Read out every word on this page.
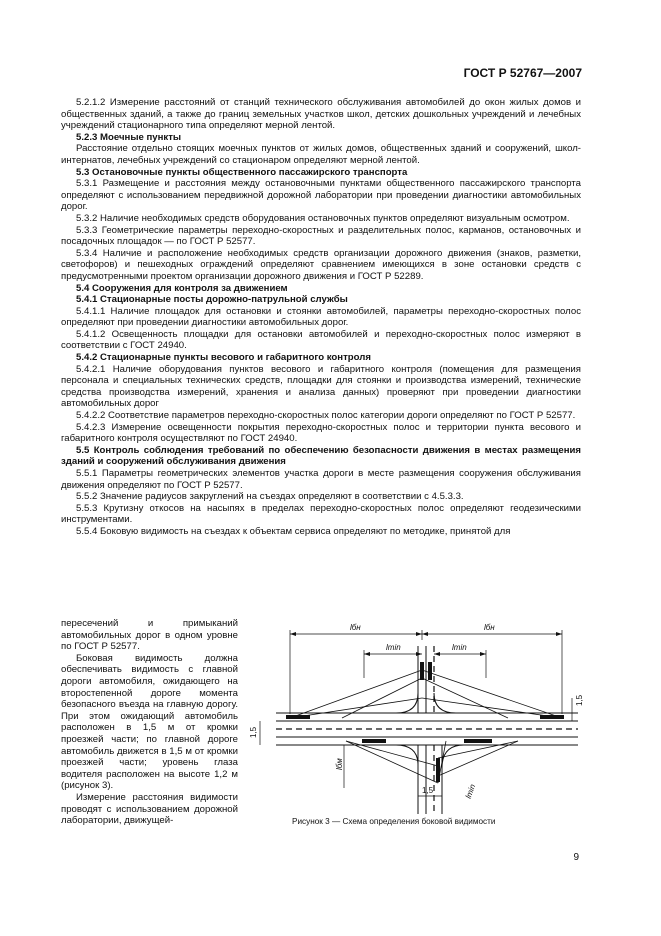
ГОСТ Р 52767—2007

5.2.1.2 Измерение расстояний от станций технического обслуживания автомобилей до окон жилых домов и общественных зданий, а также до границ земельных участков школ, детских дошкольных учреждений и лечебных учреждений стационарного типа определяют мерной лентой.

5.2.3 Моечные пункты

Расстояние отдельно стоящих моечных пунктов от жилых домов, общественных зданий и сооружений, школ-интернатов, лечебных учреждений со стационаром определяют мерной лентой.

5.3 Остановочные пункты общественного пассажирского транспорта

5.3.1 Размещение и расстояния между остановочными пунктами общественного пассажирского транспорта определяют с использованием передвижной дорожной лаборатории при проведении диагностики автомобильных дорог.

5.3.2 Наличие необходимых средств оборудования остановочных пунктов определяют визуальным осмотром.

5.3.3 Геометрические параметры переходно-скоростных и разделительных полос, карманов, остановочных и посадочных площадок — по ГОСТ Р 52577.

5.3.4 Наличие и расположение необходимых средств организации дорожного движения (знаков, разметки, светофоров) и пешеходных ограждений определяют сравнением имеющихся в зоне остановки средств с предусмотренными проектом организации дорожного движения и ГОСТ Р 52289.

5.4 Сооружения для контроля за движением

5.4.1 Стационарные посты дорожно-патрульной службы

5.4.1.1 Наличие площадок для остановки и стоянки автомобилей, параметры переходно-скоростных полос определяют при проведении диагностики автомобильных дорог.

5.4.1.2 Освещенность площадки для остановки автомобилей и переходно-скоростных полос измеряют в соответствии с ГОСТ 24940.

5.4.2 Стационарные пункты весового и габаритного контроля

5.4.2.1 Наличие оборудования пунктов весового и габаритного контроля (помещения для размещения персонала и специальных технических средств, площадки для стоянки и производства измерений, технические средства производства измерений, хранения и анализа данных) проверяют при проведении диагностики автомобильных дорог

5.4.2.2 Соответствие параметров переходно-скоростных полос категории дороги определяют по ГОСТ Р 52577.

5.4.2.3 Измерение освещенности покрытия переходно-скоростных полос и территории пункта весового и габаритного контроля осуществляют по ГОСТ 24940.

5.5 Контроль соблюдения требований по обеспечению безопасности движения в местах размещения зданий и сооружений обслуживания движения

5.5.1 Параметры геометрических элементов участка дороги в месте размещения сооружения обслуживания движения определяют по ГОСТ Р 52577.

5.5.2 Значение радиусов закруглений на съездах определяют в соответствии с 4.5.3.3.

5.5.3 Крутизну откосов на насыпях в пределах переходно-скоростных полос определяют геодезическими инструментами.

5.5.4 Боковую видимость на съездах к объектам сервиса определяют по методике, принятой для

пересечений и примыканий автомобильных дорог в одном уровне по ГОСТ Р 52577.

Боковая видимость должна обеспечивать видимость с главной дороги автомобиля, ожидающего на второстепенной дороге момента безопасного въезда на главную дорогу. При этом ожидающий автомобиль расположен в 1,5 м от кромки проезжей части; по главной дороге автомобиль движется в 1,5 м от кромки проезжей части; уровень глаза водителя расположен на высоте 1,2 м (рисунок 3).

Измерение расстояния видимости проводят с использованием дорожной лаборатории, движущей-

lбн	lбн
lmin	lmin
lбм
lmin
1,5
1,5
1,5
Рисунок 3 — Схема определения боковой видимости
9
